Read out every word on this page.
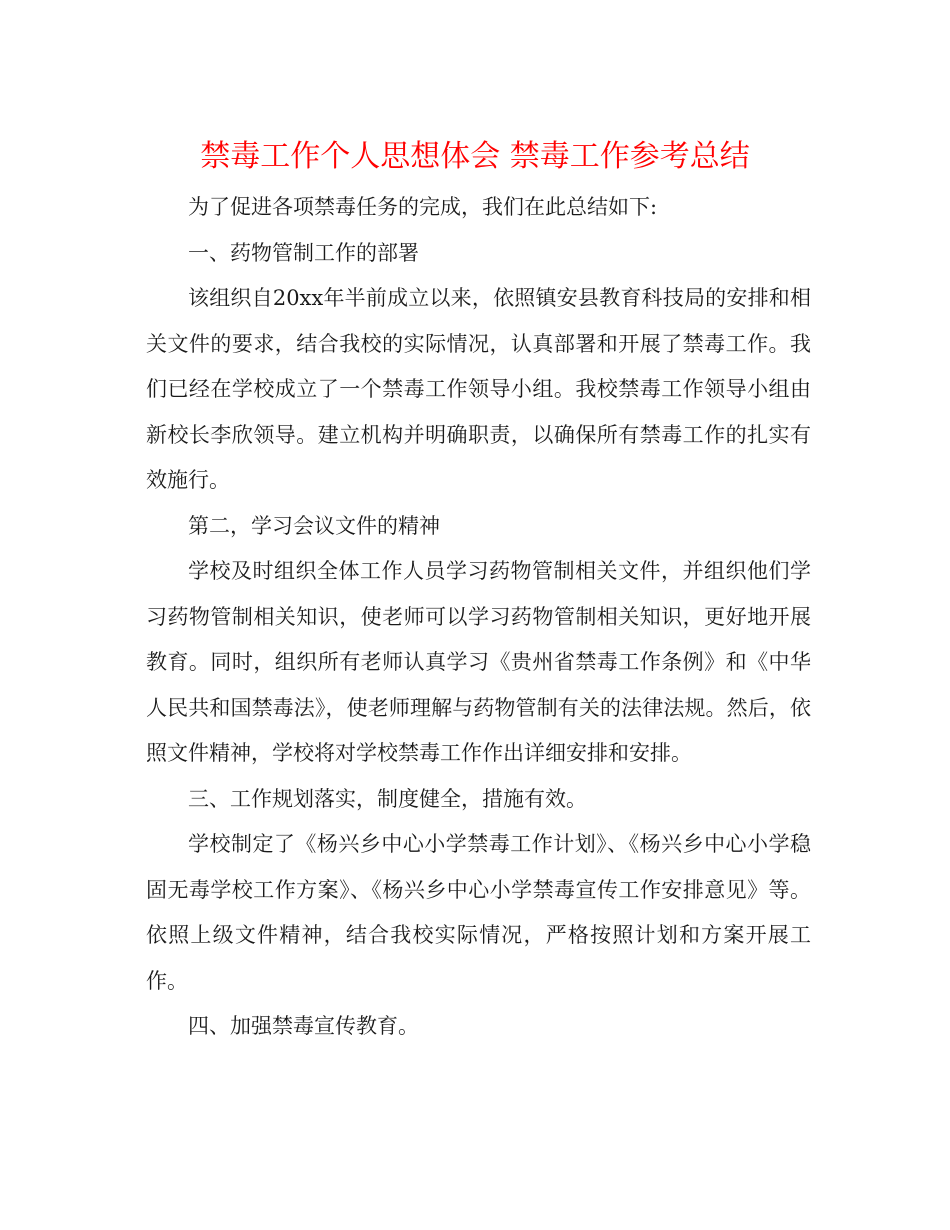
禁毒工作个人思想体会 禁毒工作参考总结

为了促进各项禁毒任务的完成，我们在此总结如下:

一、药物管制工作的部署

该组织自20xx年半前成立以来，依照镇安县教育科技局的安排和相关文件的要求，结合我校的实际情况，认真部署和开展了禁毒工作。我们已经在学校成立了一个禁毒工作领导小组。我校禁毒工作领导小组由新校长李欣领导。建立机构并明确职责，以确保所有禁毒工作的扎实有效施行。

第二，学习会议文件的精神

学校及时组织全体工作人员学习药物管制相关文件，并组织他们学习药物管制相关知识，使老师可以学习药物管制相关知识，更好地开展教育。同时，组织所有老师认真学习《贵州省禁毒工作条例》和《中华人民共和国禁毒法》，使老师理解与药物管制有关的法律法规。然后，依照文件精神，学校将对学校禁毒工作作出详细安排和安排。

三、工作规划落实，制度健全，措施有效。

学校制定了《杨兴乡中心小学禁毒工作计划》、《杨兴乡中心小学稳固无毒学校工作方案》、《杨兴乡中心小学禁毒宣传工作安排意见》等。依照上级文件精神，结合我校实际情况，严格按照计划和方案开展工作。

四、加强禁毒宣传教育。
